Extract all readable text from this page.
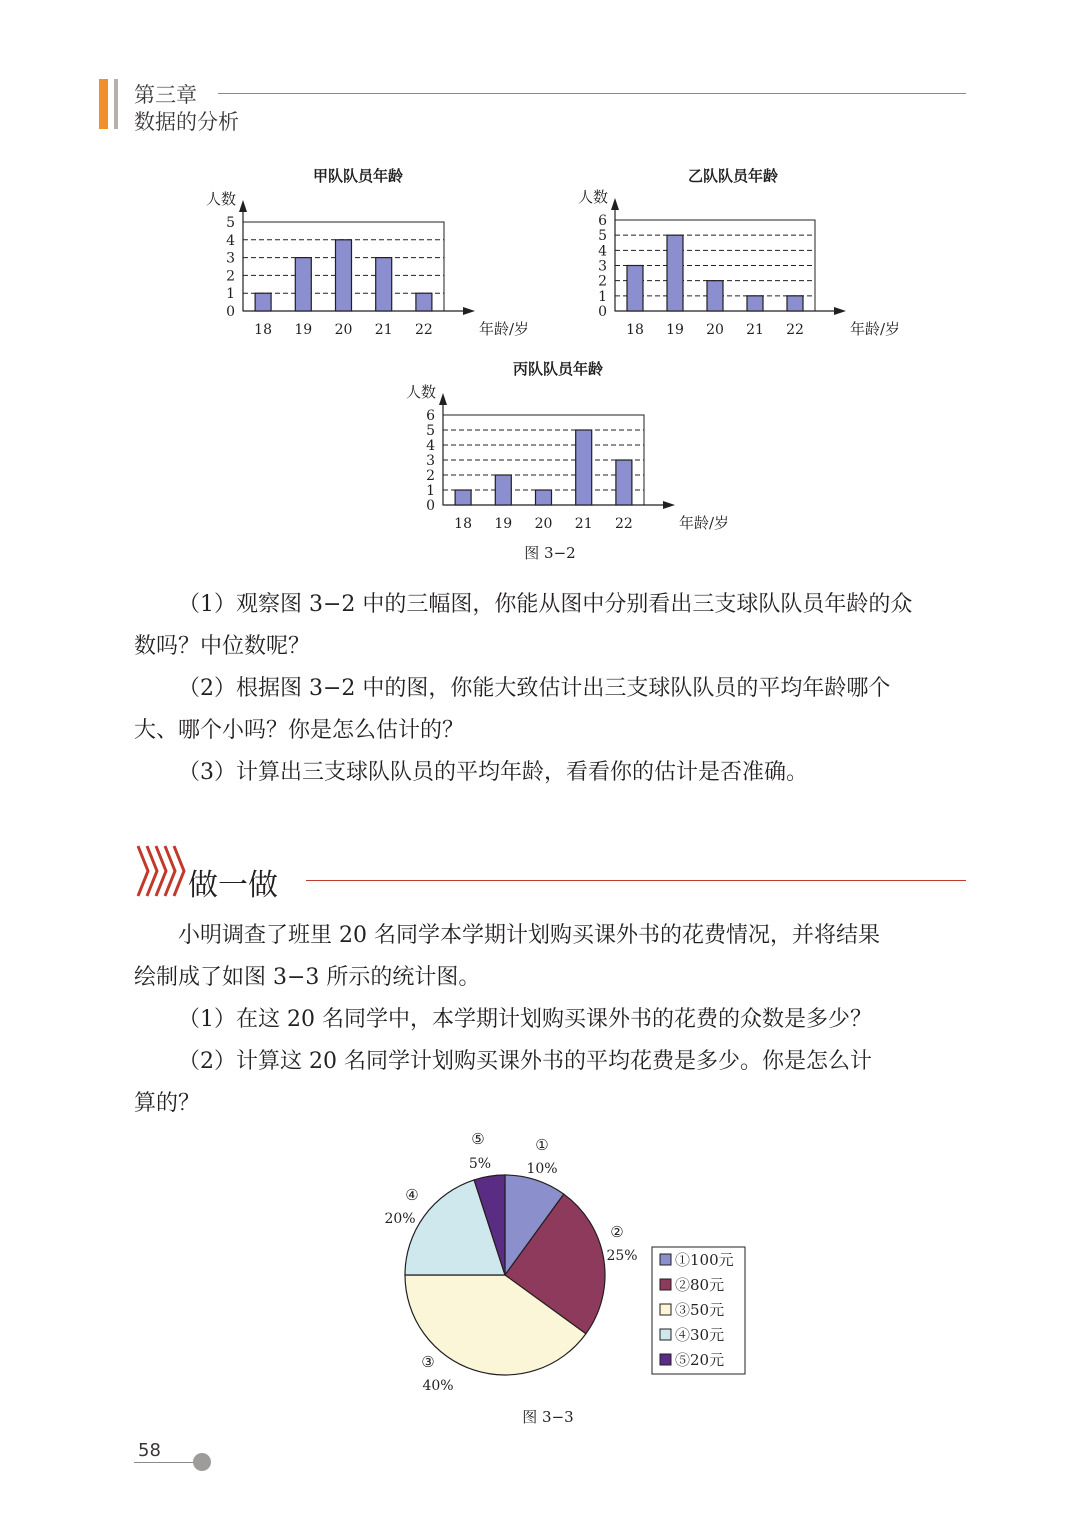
第三章
数据的分析
甲队队员年龄
人数
0
1
2
3
4
5
18 19 20 21 22	年龄/岁
乙队队员年龄
人数
0
1
2
3
4
5
6
18 19 20 21 22	年龄/岁
丙队队员年龄
人数
0
1
2
3
4
5
6
18 19 20 21 22	年龄/岁
图 3−2
（1）观察图 3−2 中的三幅图，你能从图中分别看出三支球队队员年龄的众
数吗？中位数呢？
（2）根据图 3−2 中的图，你能大致估计出三支球队队员的平均年龄哪个
大、哪个小吗？你是怎么估计的？
（3）计算出三支球队队员的平均年龄，看看你的估计是否准确。
做一做
小明调查了班里 20 名同学本学期计划购买课外书的花费情况，并将结果
绘制成了如图 3−3 所示的统计图。
（1）在这 20 名同学中，本学期计划购买课外书的花费的众数是多少？
（2）计算这 20 名同学计划购买课外书的平均花费是多少。你是怎么计
算的？
①
10%
②
25%
③
40%
④
20%
⑤
5%
①100元
②80元
③50元
④30元
⑤20元
图 3−3
58
